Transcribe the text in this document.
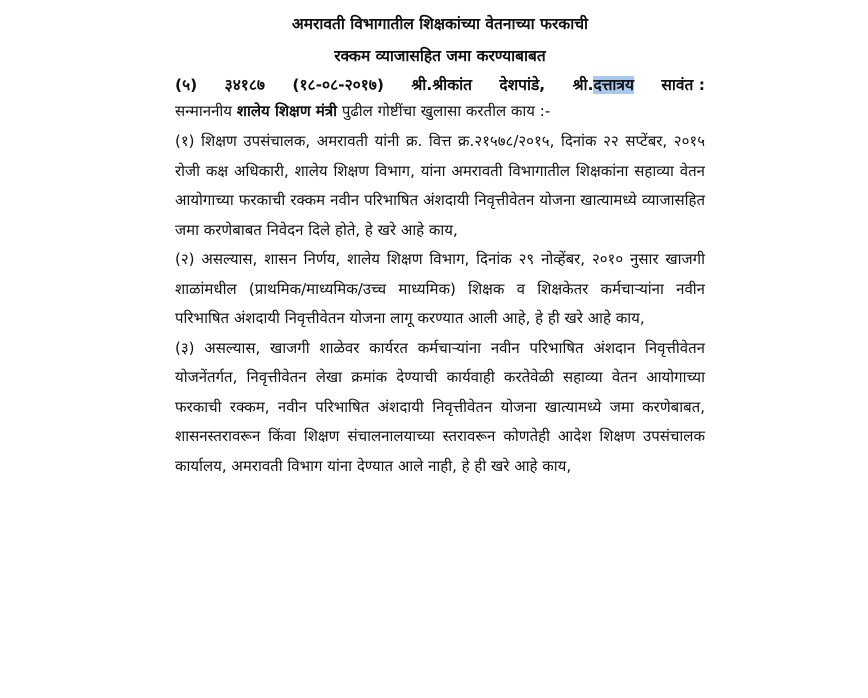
अमरावती विभागातील शिक्षकांच्या वेतनाच्या फरकाची
रक्कम व्याजासहित जमा करण्याबाबत
(५) ३४१८७ (१८-०८-२०१७) श्री.श्रीकांत देशपांडे, श्री.दत्तात्रय सावंत :
सन्माननीय शालेय शिक्षण मंत्री पुढील गोष्टींचा खुलासा करतील काय :-

(१) शिक्षण उपसंचालक, अमरावती यांनी क्र. वित्त क्र.२१५७८/२०१५, दिनांक २२ सप्टेंबर, २०१५ रोजी कक्ष अधिकारी, शालेय शिक्षण विभाग, यांना अमरावती विभागातील शिक्षकांना सहाव्या वेतन आयोगाच्या फरकाची रक्कम नवीन परिभाषित अंशदायी निवृत्तीवेतन योजना खात्यामध्ये व्याजासहित जमा करणेबाबत निवेदन दिले होते, हे खरे आहे काय,

(२) असल्यास, शासन निर्णय, शालेय शिक्षण विभाग, दिनांक २९ नोव्हेंबर, २०१० नुसार खाजगी शाळांमधील (प्राथमिक/माध्यमिक/उच्च माध्यमिक) शिक्षक व शिक्षकेतर कर्मचाऱ्यांना नवीन परिभाषित अंशदायी निवृत्तीवेतन योजना लागू करण्यात आली आहे, हे ही खरे आहे काय,

(३) असल्यास, खाजगी शाळेवर कार्यरत कर्मचाऱ्यांना नवीन परिभाषित अंशदान निवृत्तीवेतन योजनेंतर्गत, निवृत्तीवेतन लेखा क्रमांक देण्याची कार्यवाही करतेवेळी सहाव्या वेतन आयोगाच्या फरकाची रक्कम, नवीन परिभाषित अंशदायी निवृत्तीवेतन योजना खात्यामध्ये जमा करणेबाबत, शासनस्तरावरून किंवा शिक्षण संचालनालयाच्या स्तरावरून कोणतेही आदेश शिक्षण उपसंचालक कार्यालय, अमरावती विभाग यांना देण्यात आले नाही, हे ही खरे आहे काय,
